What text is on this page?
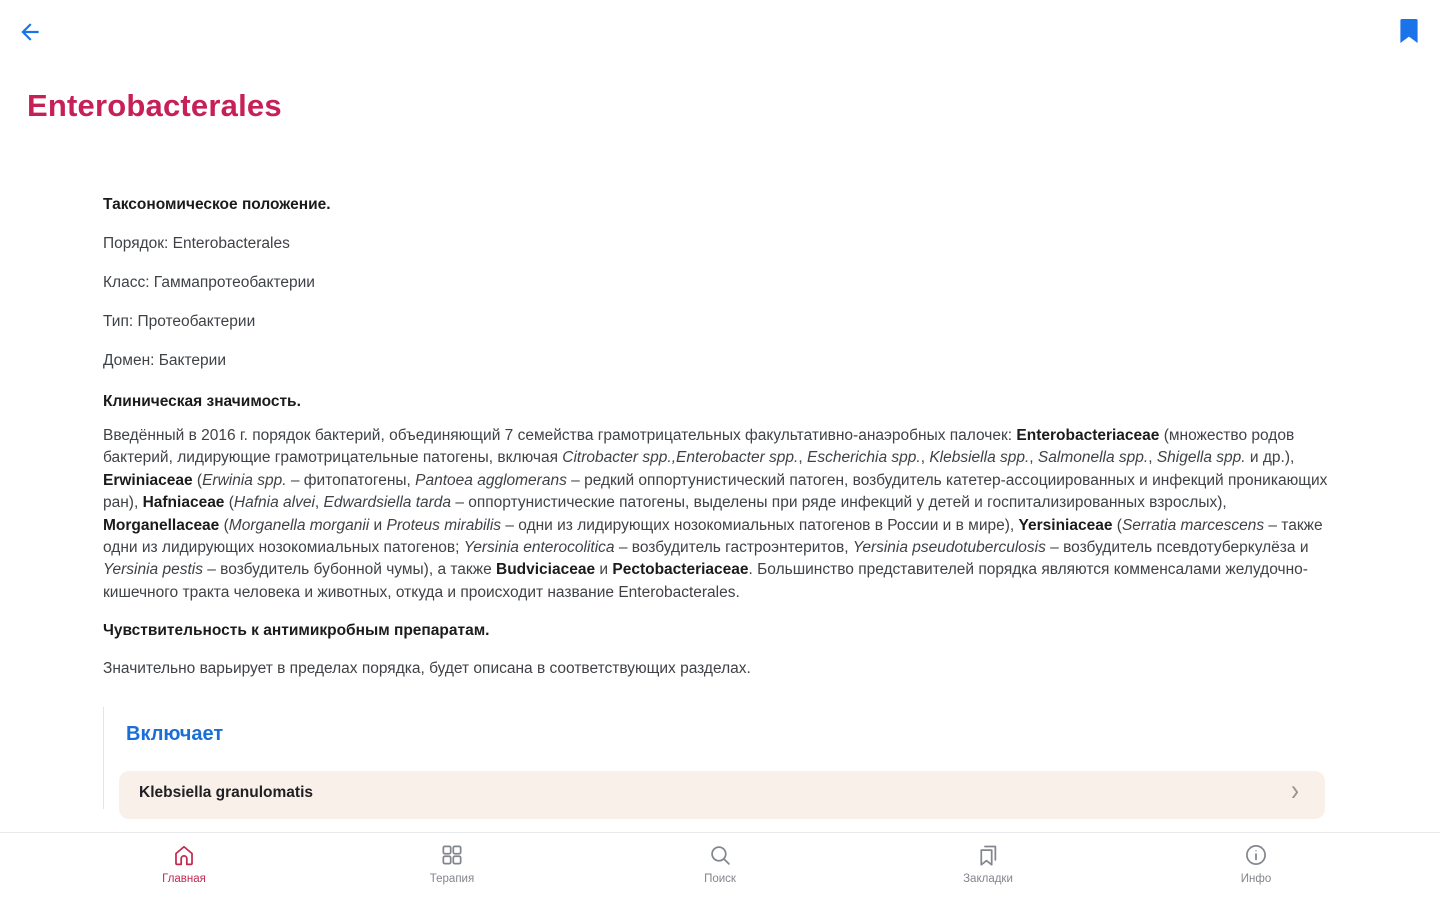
Enterobacterales

Таксономическое положение.

Порядок: Enterobacterales

Класс: Гаммапротеобактерии

Тип: Протеобактерии

Домен: Бактерии

Клиническая значимость.

Введённый в 2016 г. порядок бактерий, объединяющий 7 семейства грамотрицательных факультативно-анаэробных палочек: Enterobacteriaceae (множество родов бактерий, лидирующие грамотрицательные патогены, включая Citrobacter spp.,Enterobacter spp., Escherichia spp., Klebsiella spp., Salmonella spp., Shigella spp. и др.), Erwiniaceae (Erwinia spp. – фитопатогены, Pantoea agglomerans – редкий оппортунистический патоген, возбудитель катетер-ассоциированных и инфекций проникающих ран), Hafniaceae (Hafnia alvei, Edwardsiella tarda – оппортунистические патогены, выделены при ряде инфекций у детей и госпитализированных взрослых), Morganellaceae (Morganella morganii и Proteus mirabilis – одни из лидирующих нозокомиальных патогенов в России и в мире), Yersiniaceae (Serratia marcescens – также одни из лидирующих нозокомиальных патогенов; Yersinia enterocolitica – возбудитель гастроэнтеритов, Yersinia pseudotuberculosis – возбудитель псевдотуберкулёза и Yersinia pestis – возбудитель бубонной чумы), а также Budviciaceae и Pectobacteriaceae. Большинство представителей порядка являются комменсалами желудочно-кишечного тракта человека и животных, откуда и происходит название Enterobacterales.

Чувствительность к антимикробным препаратам.

Значительно варьирует в пределах порядка, будет описана в соответствующих разделах.

Включает
Klebsiella granulomatis	›
Главная	Терапия	Поиск	Закладки	Инфо
